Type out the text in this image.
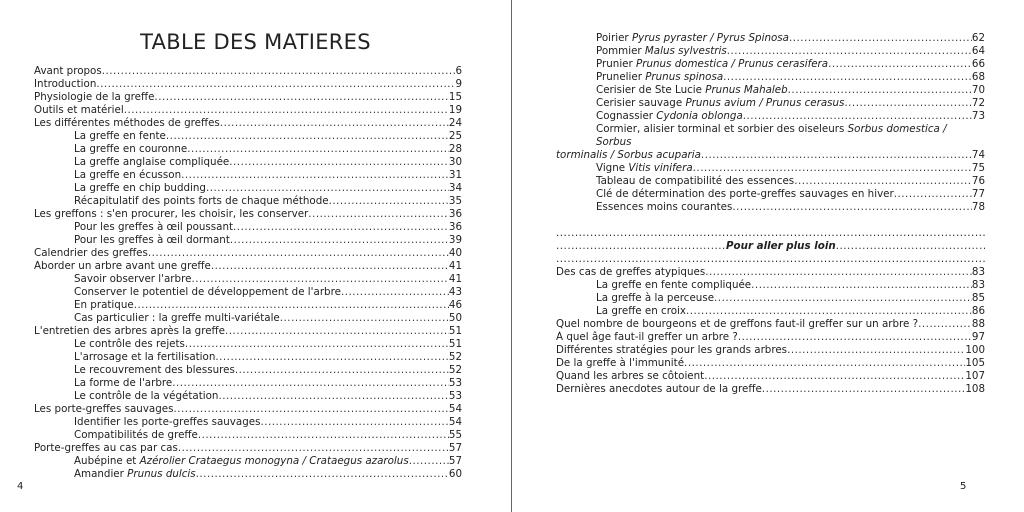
TABLE DES MATIERES
Avant propos .....	6
Introduction .....	9
Physiologie de la greffe .....	15
Outils et matériel .....	19
Les différentes méthodes de greffes .....	24
La greffe en fente .....	25
La greffe en couronne .....	28
La greffe anglaise compliquée .....	30
La greffe en écusson .....	31
La greffe en chip budding .....	34
Récapitulatif des points forts de chaque méthode .....	35
Les greffons : s'en procurer, les choisir, les conserver .....	36
Pour les greffes à œil poussant .....	36
Pour les greffes à œil dormant .....	39
Calendrier des greffes .....	40
Aborder un arbre avant une greffe .....	41
Savoir observer l'arbre .....	41
Conserver le potentiel de développement de l'arbre .....	43
En pratique .....	46
Cas particulier : la greffe multi-variétale .....	50
L'entretien des arbres après la greffe .....	51
Le contrôle des rejets .....	51
L'arrosage et la fertilisation .....	52
Le recouvrement des blessures .....	52
La forme de l'arbre .....	53
Le contrôle de la végétation .....	53
Les porte-greffes sauvages .....	54
Identifier les porte-greffes sauvages .....	54
Compatibilités de greffe .....	55
Porte-greffes au cas par cas .....	57
Aubépine et Azérolier Crataegus monogyna / Crataegus azarolus .....	57
Amandier Prunus dulcis .....	60
4
Poirier Pyrus pyraster / Pyrus Spinosa .....	62
Pommier Malus sylvestris .....	64
Prunier Prunus domestica / Prunus cerasifera .....	66
Prunelier Prunus spinosa .....	68
Cerisier de Ste Lucie Prunus Mahaleb .....	70
Cerisier sauvage Prunus avium / Prunus cerasus .....	72
Cognassier Cydonia oblonga .....	73
Cormier, alisier torminal et sorbier des oiseleurs Sorbus domestica / Sorbus
torminalis / Sorbus acuparia .....	74
Vigne Vitis vinifera .....	75
Tableau de compatibilité des essences .....	76
Clé de détermination des porte-greffes sauvages en hiver .....	77
Essences moins courantes .....	78
.....
.....
Pour aller plus loin
.....
.....
Des cas de greffes atypiques .....	83
La greffe en fente compliquée .....	83
La greffe à la perceuse .....	85
La greffe en croix .....	86
Quel nombre de bourgeons et de greffons faut-il greffer sur un arbre ? .....	88
À quel âge faut-il greffer un arbre ? .....	97
Différentes stratégies pour les grands arbres .....	100
De la greffe à l'immunité .....	105
Quand les arbres se côtoient .....	107
Dernières anecdotes autour de la greffe .....	108
5
